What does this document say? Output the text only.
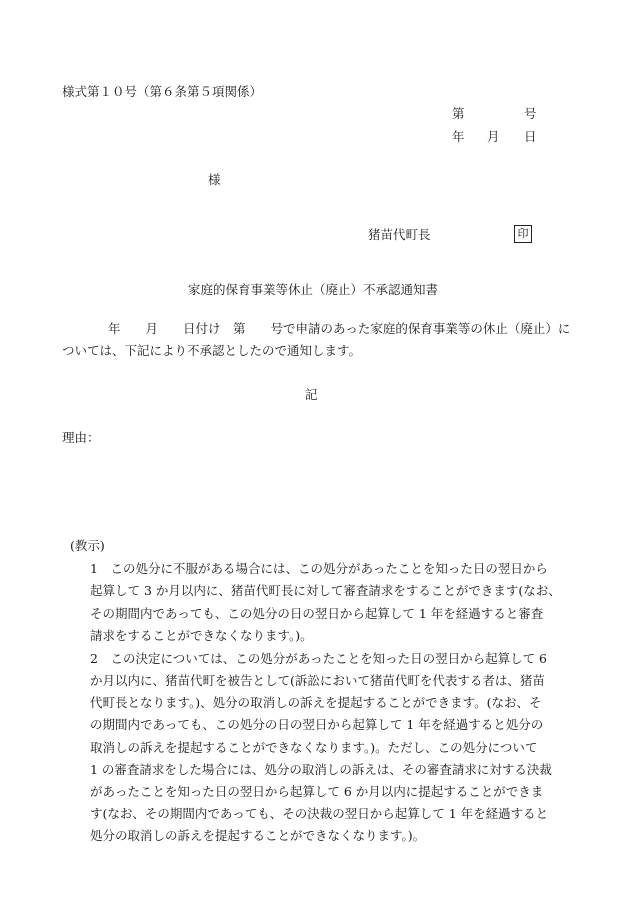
様式第１０号（第６条第５項関係）
第	号
年 月 日
様
猪苗代町長	印
家庭的保育事業等休止（廃止）不承認通知書
年　　月　　日付け　第　　号で申請のあった家庭的保育事業等の休止（廃止）に
ついては、下記により不承認としたので通知します。
記
理由：
(教示)
1　この処分に不服がある場合には、この処分があったことを知った日の翌日から
起算して 3 か月以内に、猪苗代町長に対して審査請求をすることができます(なお、
その期間内であっても、この処分の日の翌日から起算して 1 年を経過すると審査
請求をすることができなくなります。)。
2　この決定については、この処分があったことを知った日の翌日から起算して 6
か月以内に、猪苗代町を被告として(訴訟において猪苗代町を代表する者は、猪苗
代町長となります。)、処分の取消しの訴えを提起することができます。(なお、そ
の期間内であっても、この処分の日の翌日から起算して 1 年を経過すると処分の
取消しの訴えを提起することができなくなります。)。ただし、この処分について
1 の審査請求をした場合には、処分の取消しの訴えは、その審査請求に対する決裁
があったことを知った日の翌日から起算して 6 か月以内に提起することができま
す(なお、その期間内であっても、その決裁の翌日から起算して 1 年を経過すると
処分の取消しの訴えを提起することができなくなります。)。
